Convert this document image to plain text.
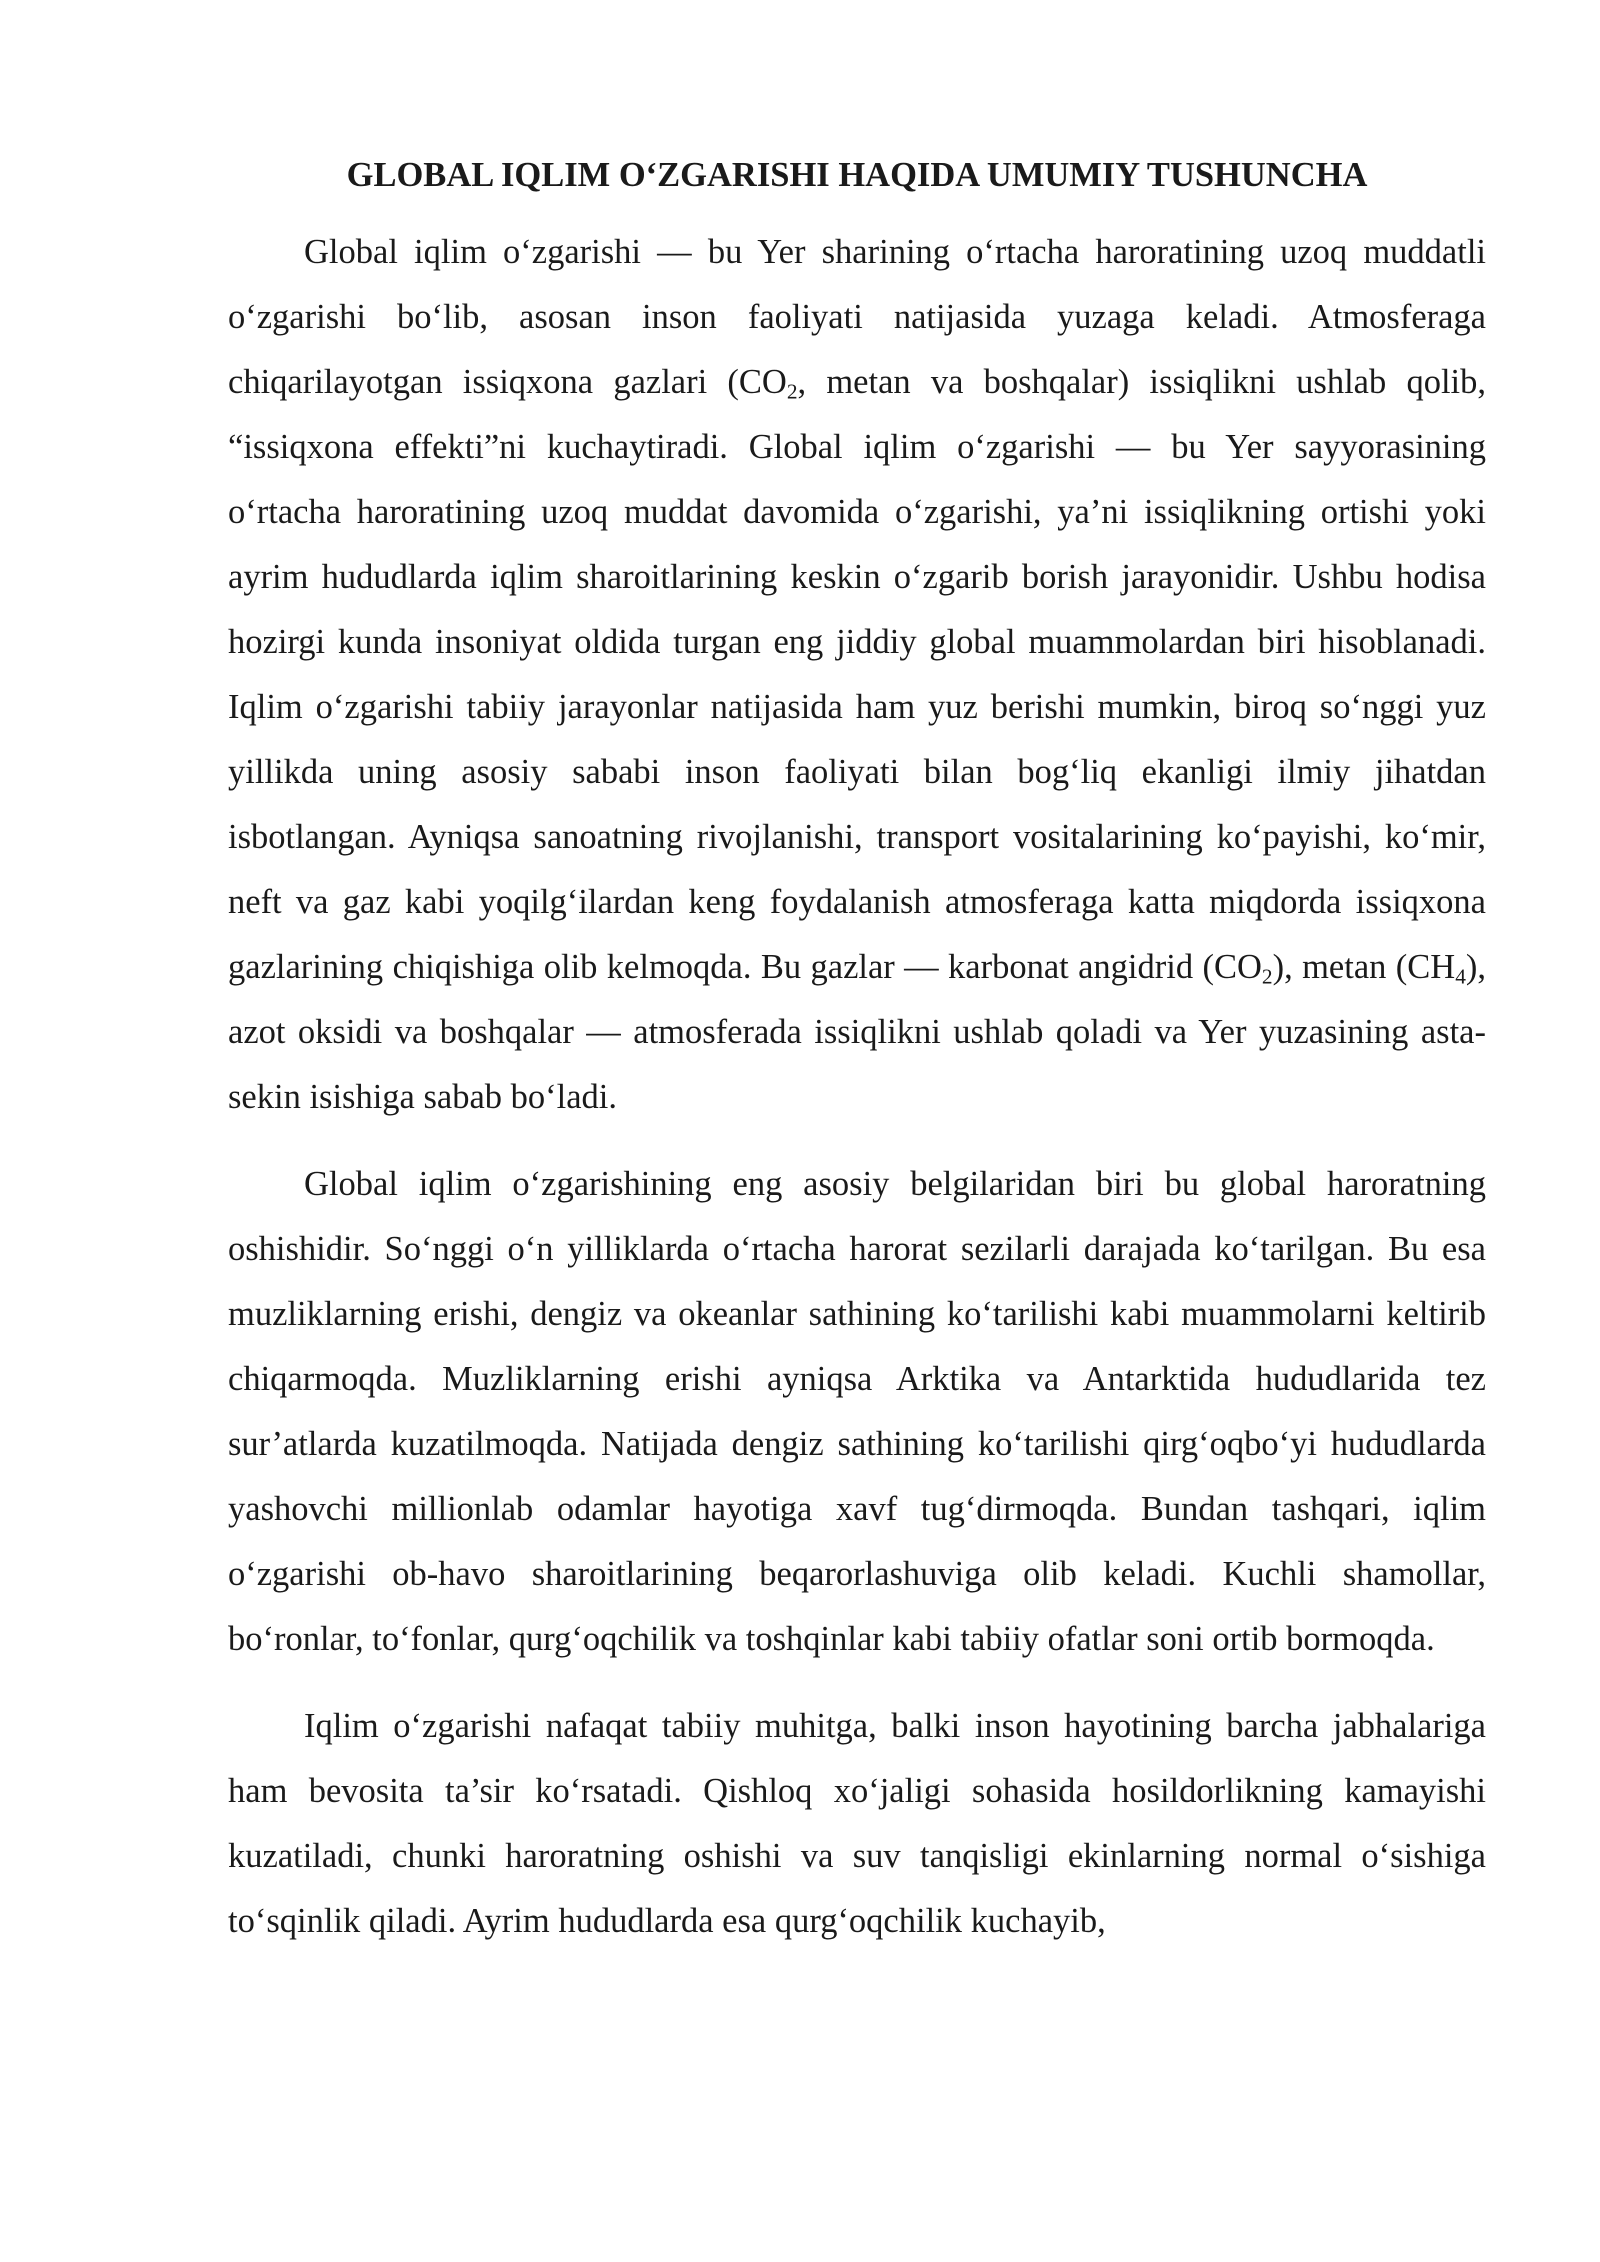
GLOBAL IQLIM O‘ZGARISHI HAQIDA UMUMIY TUSHUNCHA

Global iqlim o‘zgarishi — bu Yer sharining o‘rtacha haroratining uzoq muddatli o‘zgarishi bo‘lib, asosan inson faoliyati natijasida yuzaga keladi. Atmosferaga chiqarilayotgan issiqxona gazlari ($CO_2$, metan va boshqalar) issiqlikni ushlab qolib, “issiqxona effekti”ni kuchaytiradi. Global iqlim o‘zgarishi — bu Yer sayyorasining o‘rtacha haroratining uzoq muddat davomida o‘zgarishi, ya’ni issiqlikning ortishi yoki ayrim hududlarda iqlim sharoitlarining keskin o‘zgarib borish jarayonidir. Ushbu hodisa hozirgi kunda insoniyat oldida turgan eng jiddiy global muammolardan biri hisoblanadi. Iqlim o‘zgarishi tabiiy jarayonlar natijasida ham yuz berishi mumkin, biroq so‘nggi yuz yillikda uning asosiy sababi inson faoliyati bilan bog‘liq ekanligi ilmiy jihatdan isbotlangan. Ayniqsa sanoatning rivojlanishi, transport vositalarining ko‘payishi, ko‘mir, neft va gaz kabi yoqilg‘ilardan keng foydalanish atmosferaga katta miqdorda issiqxona gazlarining chiqishiga olib kelmoqda. Bu gazlar — karbonat angidrid $(CO_2)$, metan $(CH_4)$, azot oksidi va boshqalar — atmosferada issiqlikni ushlab qoladi va Yer yuzasining asta-sekin isishiga sabab bo‘ladi.

Global iqlim o‘zgarishining eng asosiy belgilaridan biri bu global haroratning oshishidir. So‘nggi o‘n yilliklarda o‘rtacha harorat sezilarli darajada ko‘tarilgan. Bu esa muzliklarning erishi, dengiz va okeanlar sathining ko‘tarilishi kabi muammolarni keltirib chiqarmoqda. Muzliklarning erishi ayniqsa Arktika va Antarktida hududlarida tez sur’atlarda kuzatilmoqda. Natijada dengiz sathining ko‘tarilishi qirg‘oqbo‘yi hududlarda yashovchi millionlab odamlar hayotiga xavf tug‘dirmoqda. Bundan tashqari, iqlim o‘zgarishi ob-havo sharoitlarining beqarorlashuviga olib keladi. Kuchli shamollar, bo‘ronlar, to‘fonlar, qurg‘oqchilik va toshqinlar kabi tabiiy ofatlar soni ortib bormoqda.

Iqlim o‘zgarishi nafaqat tabiiy muhitga, balki inson hayotining barcha jabhalariga ham bevosita ta’sir ko‘rsatadi. Qishloq xo‘jaligi sohasida hosildorlikning kamayishi kuzatiladi, chunki haroratning oshishi va suv tanqisligi ekinlarning normal o‘sishiga to‘sqinlik qiladi. Ayrim hududlarda esa qurg‘oqchilik kuchayib,
